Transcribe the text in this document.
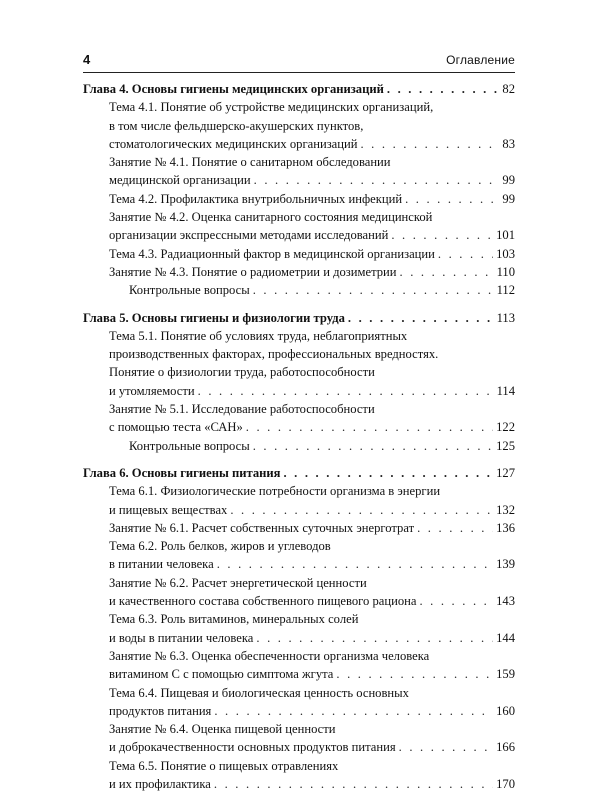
4	Оглавление
Глава 4. Основы гигиены медицинских организаций . . .	82
Тема 4.1. Понятие об устройстве медицинских организаций,
в том числе фельдшерско-акушерских пунктов,
стоматологических медицинских организаций . . .	83
Занятие № 4.1. Понятие о санитарном обследовании
медицинской организации . . .	99
Тема 4.2. Профилактика внутрибольничных инфекций . . .	99
Занятие № 4.2. Оценка санитарного состояния медицинской
организации экспрессными методами исследований . . .	101
Тема 4.3. Радиационный фактор в медицинской организации . . .	103
Занятие № 4.3. Понятие о радиометрии и дозиметрии . . .	110
Контрольные вопросы . . .	112
Глава 5. Основы гигиены и физиологии труда . . .	113
Тема 5.1. Понятие об условиях труда, неблагоприятных
производственных факторах, профессиональных вредностях.
Понятие о физиологии труда, работоспособности
и утомляемости . . .	114
Занятие № 5.1. Исследование работоспособности
с помощью теста «САН» . . .	122
Контрольные вопросы . . .	125
Глава 6. Основы гигиены питания . . .	127
Тема 6.1. Физиологические потребности организма в энергии
и пищевых веществах . . .	132
Занятие № 6.1. Расчет собственных суточных энерготрат . . .	136
Тема 6.2. Роль белков, жиров и углеводов
в питании человека . . .	139
Занятие № 6.2. Расчет энергетической ценности
и качественного состава собственного пищевого рациона . . .	143
Тема 6.3. Роль витаминов, минеральных солей
и воды в питании человека . . .	144
Занятие № 6.3. Оценка обеспеченности организма человека
витамином С с помощью симптома жгута . . .	159
Тема 6.4. Пищевая и биологическая ценность основных
продуктов питания . . .	160
Занятие № 6.4. Оценка пищевой ценности
и доброкачественности основных продуктов питания . . .	166
Тема 6.5. Понятие о пищевых отравлениях
и их профилактика . . .	170
